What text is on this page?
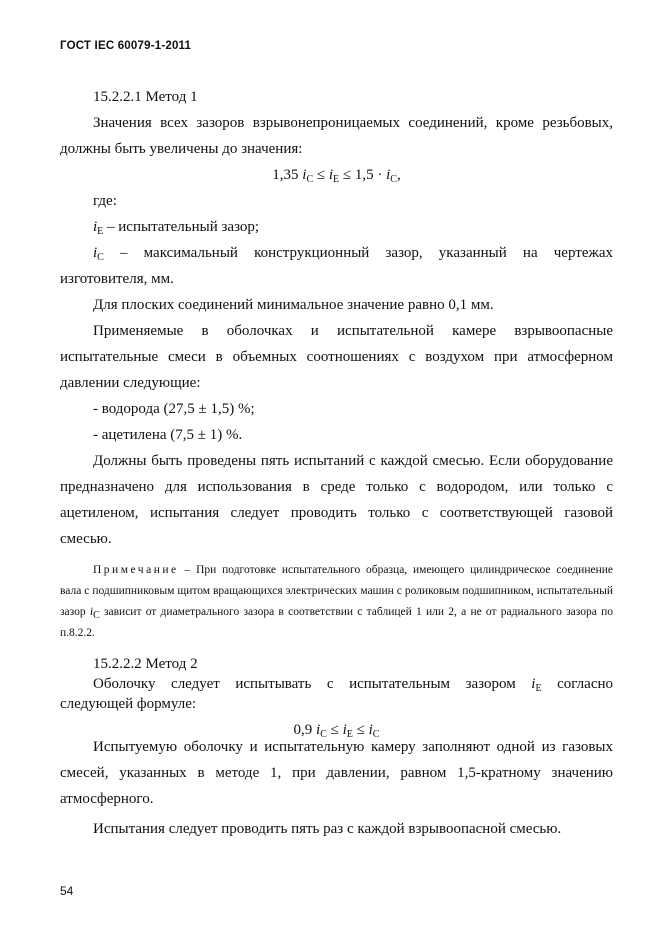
ГОСТ IEC 60079-1-2011

15.2.2.1 Метод 1

Значения всех зазоров взрывонепроницаемых соединений, кроме резьбовых, должны быть увеличены до значения:

1,35 $i_C \le i_E \le 1,5 \cdot i_C$,

где:

$i_E$ – испытательный зазор;

$i_C$ – максимальный конструкционный зазор, указанный на чертежах

изготовителя, мм.

Для плоских соединений минимальное значение равно 0,1 мм.

Применяемые в оболочках и испытательной камере взрывоопасные испытательные смеси в объемных соотношениях с воздухом при атмосферном давлении следующие:

- водорода (27,5 ± 1,5) %;

- ацетилена (7,5 ± 1) %.

Должны быть проведены пять испытаний с каждой смесью. Если оборудование предназначено для использования в среде только с водородом, или только с ацетиленом, испытания следует проводить только с соответствующей газовой смесью.

Примечание – При подготовке испытательного образца, имеющего цилиндрическое соединение вала с подшипниковым щитом вращающихся электрических машин с роликовым подшипником, испытательный зазор $i_C$ зависит от диаметрального зазора в соответствии с таблицей 1 или 2, а не от радиального зазора по п.8.2.2.

15.2.2.2 Метод 2

Оболочку следует испытывать с испытательным зазором $i_E$ согласно

следующей формуле:

0,9 $i_C \le i_E \le i_C$

Испытуемую оболочку и испытательную камеру заполняют одной из газовых смесей, указанных в методе 1, при давлении, равном 1,5-кратному значению атмосферного.

Испытания следует проводить пять раз с каждой взрывоопасной смесью.

54
